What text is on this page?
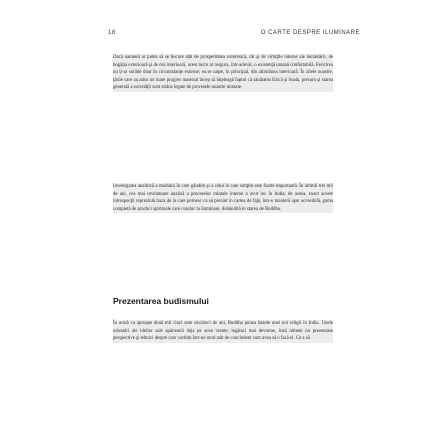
18	O CARTE DESPRE ILUMINARE

Dacă oamenii ar putea să se bucure atât de prosperitatea exterioară, cât şi de virtuţile interne ale bunăstării, de bogăţia exterioară şi de cea interioară, acest lucru ar asigura, într-adevăr, o existenţă umană confortabilă. Fericirea nu ţi-ar surâde doar în circumstanţe externe; ea se naşte, în principal, din atitudinea interioară. În zilele noastre, ţările care au atins un mare progres material încep să înţeleagă faptul că sănătatea fizică şi boala, precum şi starea generală a societăţii sunt strâns legate de procesele noastre mintale.

Investigarea analitică a modului în care gândim şi a celui în care simţim este foarte importantă. În ultimii trei mii de ani, cea mai revelatoare analiză a proceselor mintale interne a avut loc în India; de aceea, exact aceste introspecţii reprezintă baza de la care pornesc ca să prezint în cartea de faţă, într-o manieră uşor accesibilă, gama completă de practici spirituale care conduc la iluminare, dobândită în starea de Buddha.

Prezentarea budismului

În urmă cu aproape două mii cinci sute cincizeci de ani, Buddha punea bazele unei noi religii în India. Unele orientări ale ideilor sale apăruseră deja pe acea vreme; legături mai devreme, însă nimeni nu prezentase perspective şi tehnici despre care vorbim într-un mod atât de concludent cum avea să o facă el. Ce a să
